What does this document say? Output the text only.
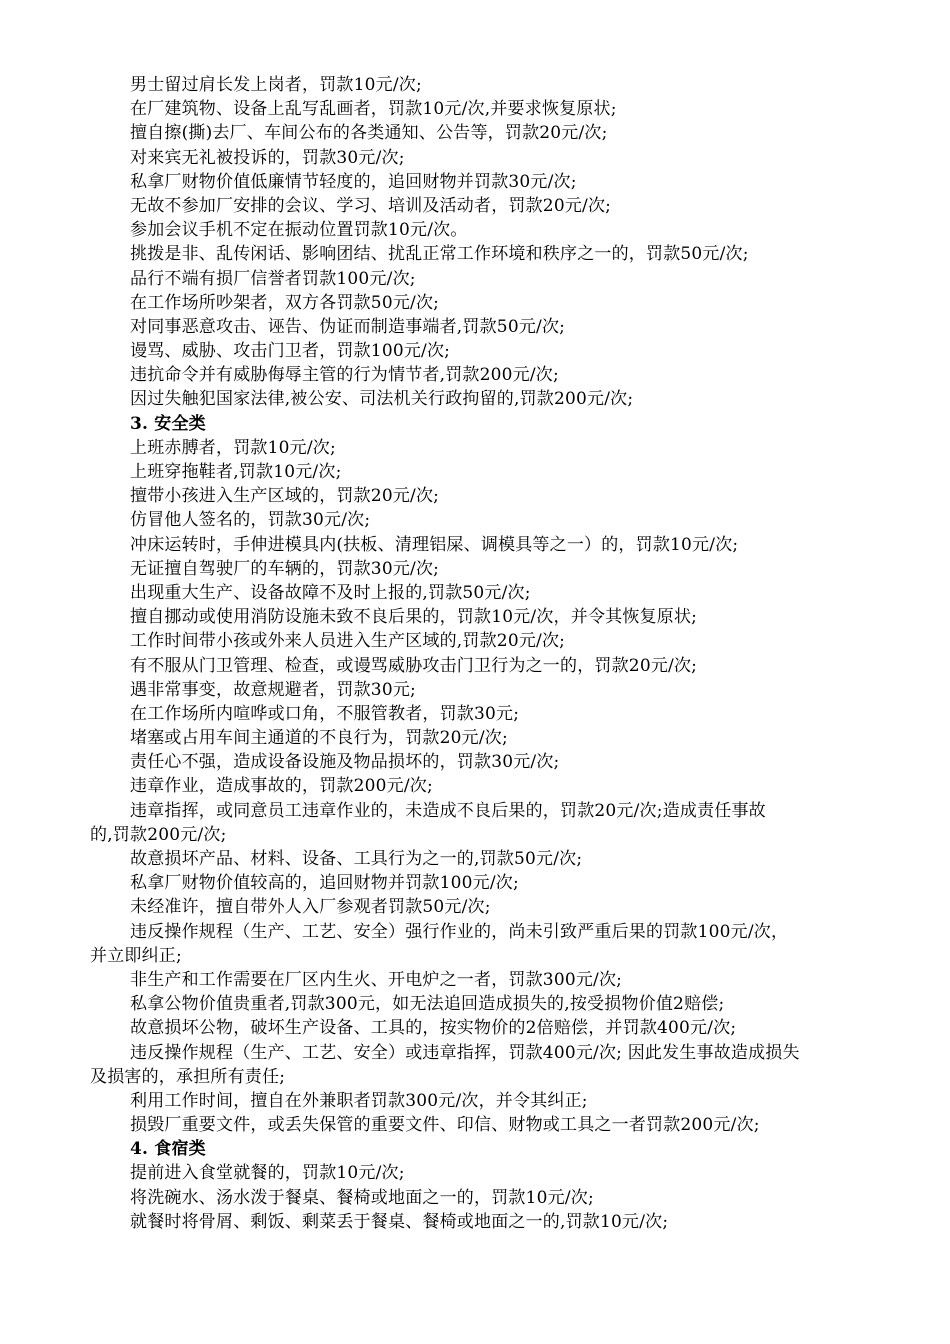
男士留过肩长发上岗者，罚款10元/次;
在厂建筑物、设备上乱写乱画者，罚款10元/次,并要求恢复原状;
擅自擦(撕)去厂、车间公布的各类通知、公告等，罚款20元/次;
对来宾无礼被投诉的，罚款30元/次;
私拿厂财物价值低廉情节轻度的，追回财物并罚款30元/次;
无故不参加厂安排的会议、学习、培训及活动者，罚款20元/次;
参加会议手机不定在振动位置罚款10元/次。
挑拨是非、乱传闲话、影响团结、扰乱正常工作环境和秩序之一的，罚款50元/次;
品行不端有损厂信誉者罚款100元/次;
在工作场所吵架者，双方各罚款50元/次;
对同事恶意攻击、诬告、伪证而制造事端者,罚款50元/次;
谩骂、威胁、攻击门卫者，罚款100元/次;
违抗命令并有威胁侮辱主管的行为情节者,罚款200元/次;
因过失触犯国家法律,被公安、司法机关行政拘留的,罚款200元/次;
3. 安全类
上班赤膊者，罚款10元/次;
上班穿拖鞋者,罚款10元/次;
擅带小孩进入生产区域的，罚款20元/次;
仿冒他人签名的，罚款30元/次;
冲床运转时，手伸进模具内(扶板、清理铝屎、调模具等之一）的，罚款10元/次;
无证擅自驾驶厂的车辆的，罚款30元/次;
出现重大生产、设备故障不及时上报的,罚款50元/次;
擅自挪动或使用消防设施未致不良后果的，罚款10元/次，并令其恢复原状;
工作时间带小孩或外来人员进入生产区域的,罚款20元/次;
有不服从门卫管理、检查，或谩骂威胁攻击门卫行为之一的，罚款20元/次;
遇非常事变，故意规避者，罚款30元;
在工作场所内喧哗或口角，不服管教者，罚款30元;
堵塞或占用车间主通道的不良行为，罚款20元/次;
责任心不强，造成设备设施及物品损坏的，罚款30元/次;
违章作业，造成事故的，罚款200元/次;
违章指挥，或同意员工违章作业的，未造成不良后果的，罚款20元/次;造成责任事故
的,罚款200元/次;
故意损坏产品、材料、设备、工具行为之一的,罚款50元/次;
私拿厂财物价值较高的，追回财物并罚款100元/次;
未经准许，擅自带外人入厂参观者罚款50元/次;
违反操作规程（生产、工艺、安全）强行作业的，尚未引致严重后果的罚款100元/次，
并立即纠正;
非生产和工作需要在厂区内生火、开电炉之一者，罚款300元/次;
私拿公物价值贵重者,罚款300元，如无法追回造成损失的,按受损物价值2赔偿;
故意损坏公物，破坏生产设备、工具的，按实物价的2倍赔偿，并罚款400元/次;
违反操作规程（生产、工艺、安全）或违章指挥，罚款400元/次; 因此发生事故造成损失
及损害的，承担所有责任;
利用工作时间，擅自在外兼职者罚款300元/次，并令其纠正;
损毁厂重要文件，或丢失保管的重要文件、印信、财物或工具之一者罚款200元/次;
4. 食宿类
提前进入食堂就餐的，罚款10元/次;
将洗碗水、汤水泼于餐桌、餐椅或地面之一的，罚款10元/次;
就餐时将骨屑、剩饭、剩菜丢于餐桌、餐椅或地面之一的,罚款10元/次;
